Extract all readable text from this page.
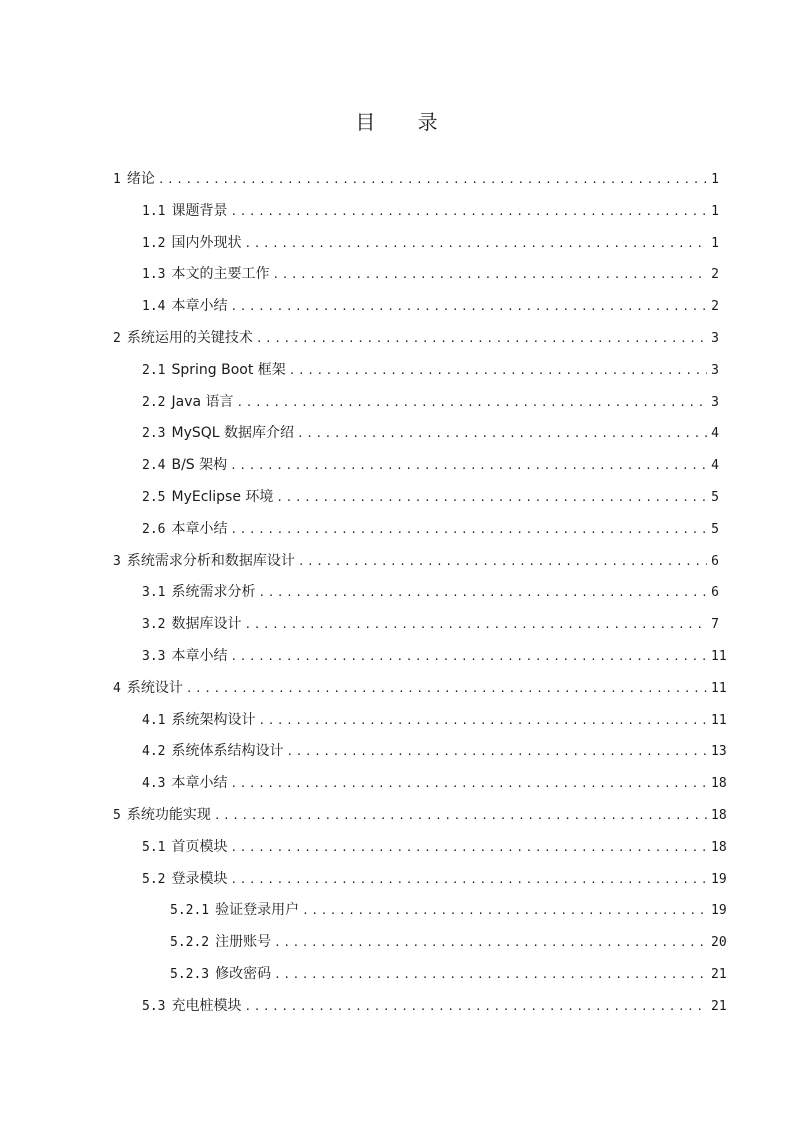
目 录
1 绪论 .....	1
1.1 课题背景 .....	1
1.2 国内外现状 .....	1
1.3 本文的主要工作 .....	2
1.4 本章小结 .....	2
2 系统运用的关键技术 .....	3
2.1 Spring Boot 框架 .....	3
2.2 Java 语言 .....	3
2.3 MySQL 数据库介绍 .....	4
2.4 B/S 架构 .....	4
2.5 MyEclipse 环境 .....	5
2.6 本章小结 .....	5
3 系统需求分析和数据库设计 .....	6
3.1 系统需求分析 .....	6
3.2 数据库设计 .....	7
3.3 本章小结 .....	11
4 系统设计 .....	11
4.1 系统架构设计 .....	11
4.2 系统体系结构设计 .....	13
4.3 本章小结 .....	18
5 系统功能实现 .....	18
5.1 首页模块 .....	18
5.2 登录模块 .....	19
5.2.1 验证登录用户 .....	19
5.2.2 注册账号 .....	20
5.2.3 修改密码 .....	21
5.3 充电桩模块 .....	21
